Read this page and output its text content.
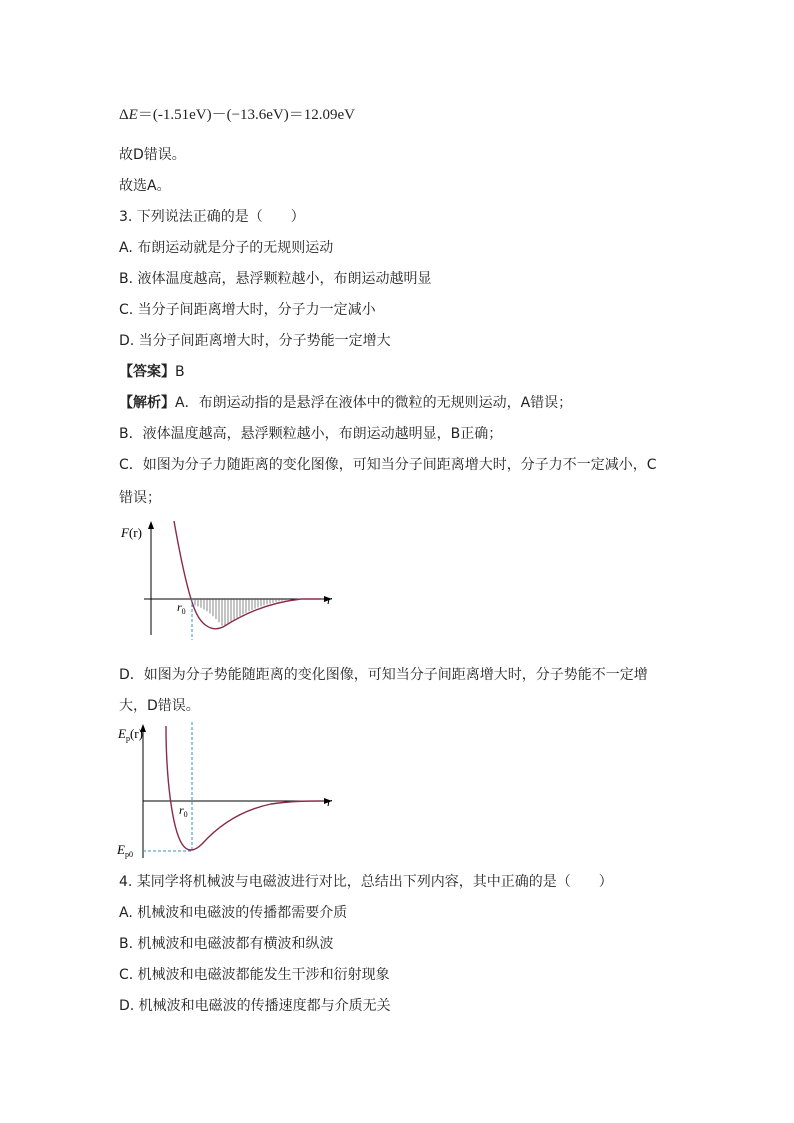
ΔE＝(‐1.51eV)－(−13.6eV)＝12.09eV
故D错误。
故选A。
3. 下列说法正确的是（　　）
A. 布朗运动就是分子的无规则运动
B. 液体温度越高，悬浮颗粒越小，布朗运动越明显
C. 当分子间距离增大时，分子力一定减小
D. 当分子间距离增大时，分子势能一定增大
【答案】B
【解析】A．布朗运动指的是悬浮在液体中的微粒的无规则运动，A错误；
B．液体温度越高，悬浮颗粒越小，布朗运动越明显，B正确；
C．如图为分子力随距离的变化图像，可知当分子间距离增大时，分子力不一定减小，C
错误；
F(r)
r
$r_0$
D．如图为分子势能随距离的变化图像，可知当分子间距离增大时，分子势能不一定增
大，D错误。
$E_p(r)$
r
$r_0$
$E_{p0}$
4. 某同学将机械波与电磁波进行对比，总结出下列内容，其中正确的是（　　）
A. 机械波和电磁波的传播都需要介质
B. 机械波和电磁波都有横波和纵波
C. 机械波和电磁波都能发生干涉和衍射现象
D. 机械波和电磁波的传播速度都与介质无关
